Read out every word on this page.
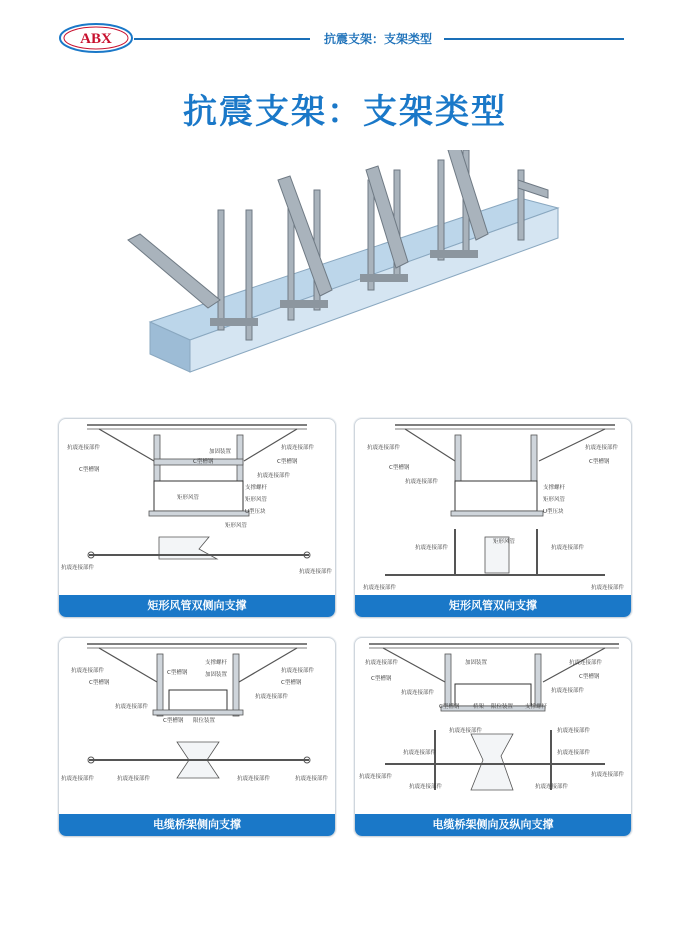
ABX	抗震支架：支架类型
抗震支架：支架类型
抗震连接部件
C型槽钢
加固装置
C型槽钢
抗震连接部件
C型槽钢
抗震连接部件
支撑螺杆
矩形风管	矩形风管
U型压块
矩形风管
抗震连接部件
抗震连接部件
矩形风管双侧向支撑
抗震连接部件
C型槽钢
抗震连接部件
抗震连接部件
C型槽钢
支撑螺杆
矩形风管
U型压块
抗震连接部件
矩形风管
抗震连接部件
抗震连接部件	抗震连接部件
矩形风管双向支撑
抗震连接部件
C型槽钢
C型槽钢
支撑螺杆
加固装置
抗震连接部件
C型槽钢
抗震连接部件
抗震连接部件
C型槽钢 限位装置
抗震连接部件	抗震连接部件	抗震连接部件	抗震连接部件
电缆桥架侧向支撑
抗震连接部件	加固装置	抗震连接部件
C型槽钢	C型槽钢
抗震连接部件
抗震连接部件
C型槽钢 桥架 限位装置 支撑螺杆
抗震连接部件	抗震连接部件
抗震连接部件	抗震连接部件
抗震连接部件	抗震连接部件
抗震连接部件	抗震连接部件
电缆桥架侧向及纵向支撑
